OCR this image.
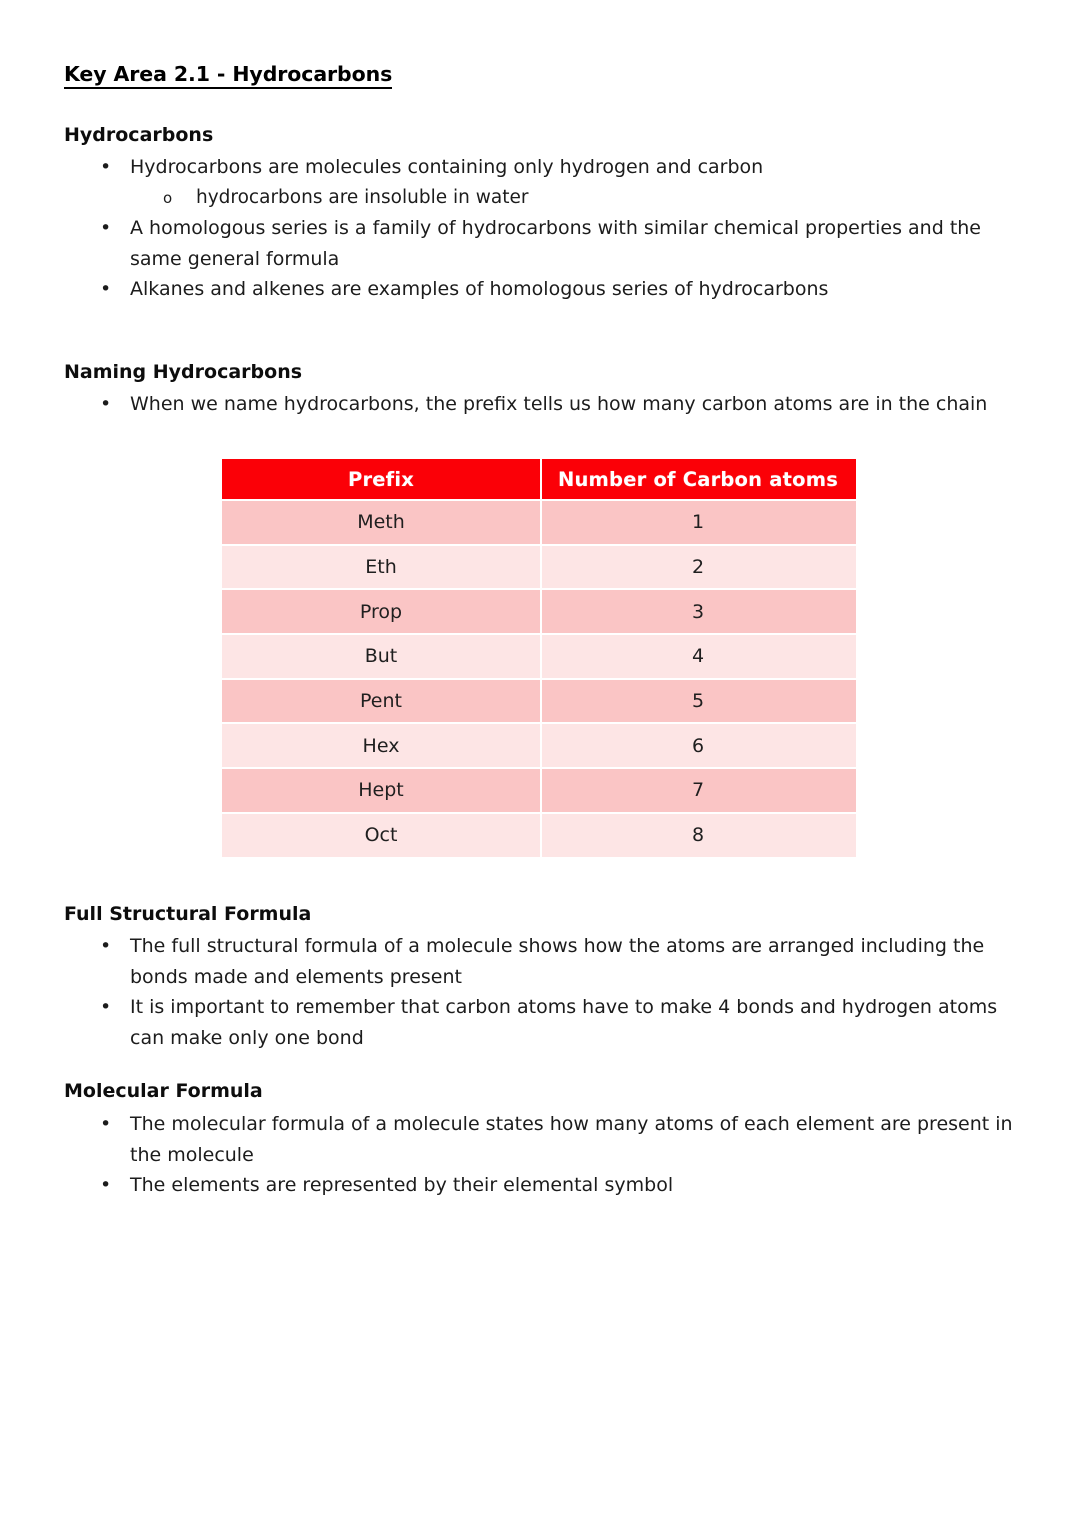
Key Area 2.1 - Hydrocarbons
Hydrocarbons
• Hydrocarbons are molecules containing only hydrogen and carbon
o hydrocarbons are insoluble in water
• A homologous series is a family of hydrocarbons with similar chemical properties and the same general formula
• Alkanes and alkenes are examples of homologous series of hydrocarbons
Naming Hydrocarbons
• When we name hydrocarbons, the prefix tells us how many carbon atoms are in the chain
Prefix	Number of Carbon atoms
Meth	1
Eth	2
Prop	3
But	4
Pent	5
Hex	6
Hept	7
Oct	8
Full Structural Formula
• The full structural formula of a molecule shows how the atoms are arranged including the bonds made and elements present
• It is important to remember that carbon atoms have to make 4 bonds and hydrogen atoms can make only one bond
Molecular Formula
• The molecular formula of a molecule states how many atoms of each element are present in the molecule
• The elements are represented by their elemental symbol
